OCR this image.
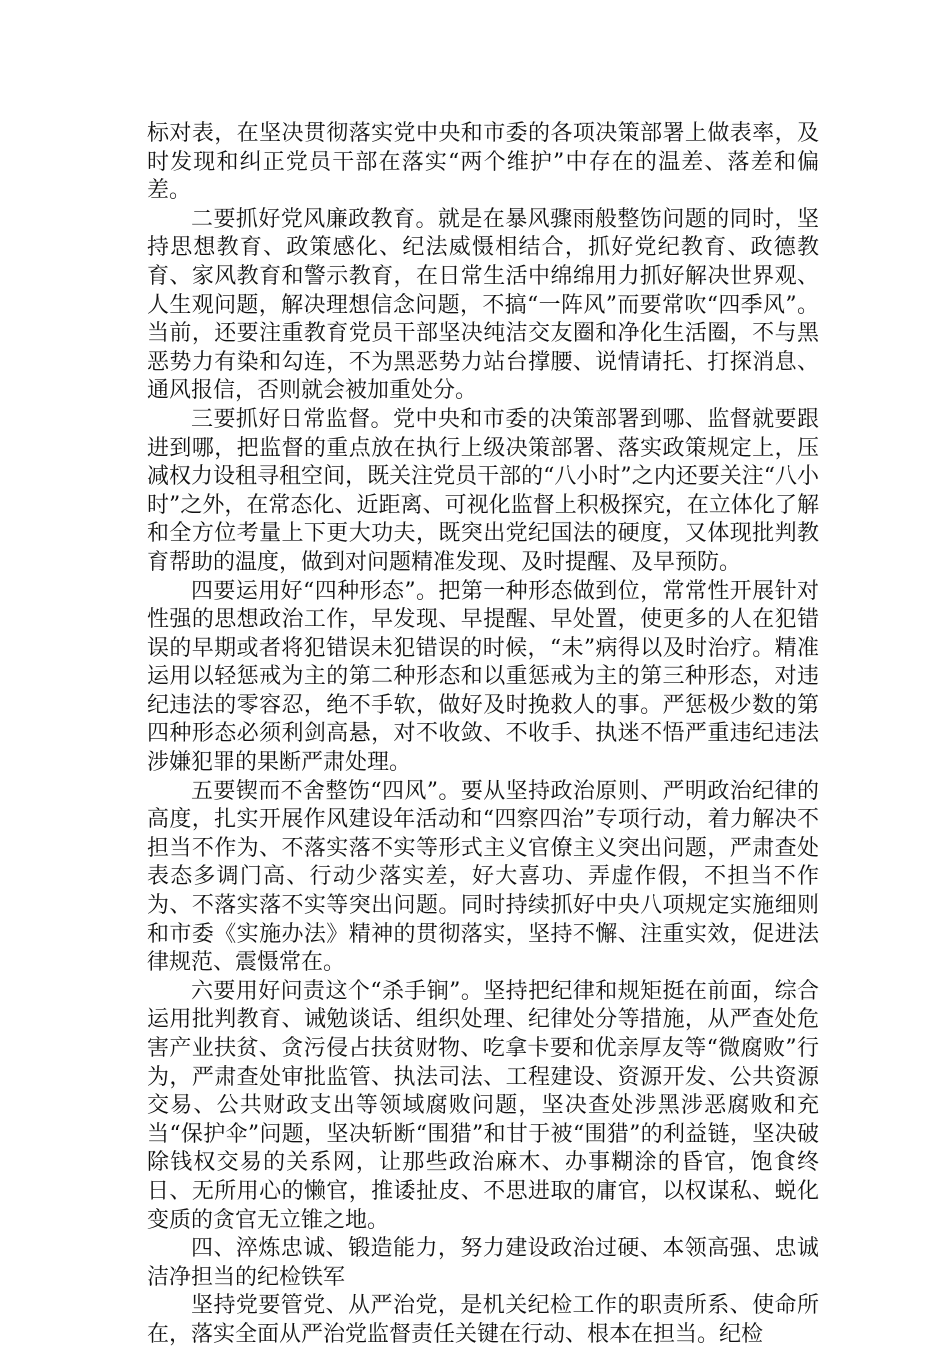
标对表，在坚决贯彻落实党中央和市委的各项决策部署上做表率，及时发现和纠正党员干部在落实“两个维护”中存在的温差、落差和偏差。

二要抓好党风廉政教育。就是在暴风骤雨般整饬问题的同时，坚持思想教育、政策感化、纪法威慑相结合，抓好党纪教育、政德教育、家风教育和警示教育，在日常生活中绵绵用力抓好解决世界观、人生观问题，解决理想信念问题，不搞“一阵风”而要常吹“四季风”。当前，还要注重教育党员干部坚决纯洁交友圈和净化生活圈，不与黑恶势力有染和勾连，不为黑恶势力站台撑腰、说情请托、打探消息、通风报信，否则就会被加重处分。

三要抓好日常监督。党中央和市委的决策部署到哪、监督就要跟进到哪，把监督的重点放在执行上级决策部署、落实政策规定上，压减权力设租寻租空间，既关注党员干部的“八小时”之内还要关注“八小时”之外，在常态化、近距离、可视化监督上积极探究，在立体化了解和全方位考量上下更大功夫，既突出党纪国法的硬度，又体现批判教育帮助的温度，做到对问题精准发现、及时提醒、及早预防。

四要运用好“四种形态”。把第一种形态做到位，常常性开展针对性强的思想政治工作，早发现、早提醒、早处置，使更多的人在犯错误的早期或者将犯错误未犯错误的时候，“未”病得以及时治疗。精准运用以轻惩戒为主的第二种形态和以重惩戒为主的第三种形态，对违纪违法的零容忍，绝不手软，做好及时挽救人的事。严惩极少数的第四种形态必须利剑高悬，对不收敛、不收手、执迷不悟严重违纪违法涉嫌犯罪的果断严肃处理。

五要锲而不舍整饬“四风”。要从坚持政治原则、严明政治纪律的高度，扎实开展作风建设年活动和“四察四治”专项行动，着力解决不担当不作为、不落实落不实等形式主义官僚主义突出问题，严肃查处表态多调门高、行动少落实差，好大喜功、弄虚作假，不担当不作为、不落实落不实等突出问题。同时持续抓好中央八项规定实施细则和市委《实施办法》精神的贯彻落实，坚持不懈、注重实效，促进法律规范、震慑常在。

六要用好问责这个“杀手锏”。坚持把纪律和规矩挺在前面，综合运用批判教育、诫勉谈话、组织处理、纪律处分等措施，从严查处危害产业扶贫、贪污侵占扶贫财物、吃拿卡要和优亲厚友等“微腐败”行为，严肃查处审批监管、执法司法、工程建设、资源开发、公共资源交易、公共财政支出等领域腐败问题，坚决查处涉黑涉恶腐败和充当“保护伞”问题，坚决斩断“围猎”和甘于被“围猎”的利益链，坚决破除钱权交易的关系网，让那些政治麻木、办事糊涂的昏官，饱食终日、无所用心的懒官，推诿扯皮、不思进取的庸官，以权谋私、蜕化变质的贪官无立锥之地。

四、淬炼忠诚、锻造能力，努力建设政治过硬、本领高强、忠诚洁净担当的纪检铁军

坚持党要管党、从严治党，是机关纪检工作的职责所系、使命所在，落实全面从严治党监督责任关键在行动、根本在担当。纪检
